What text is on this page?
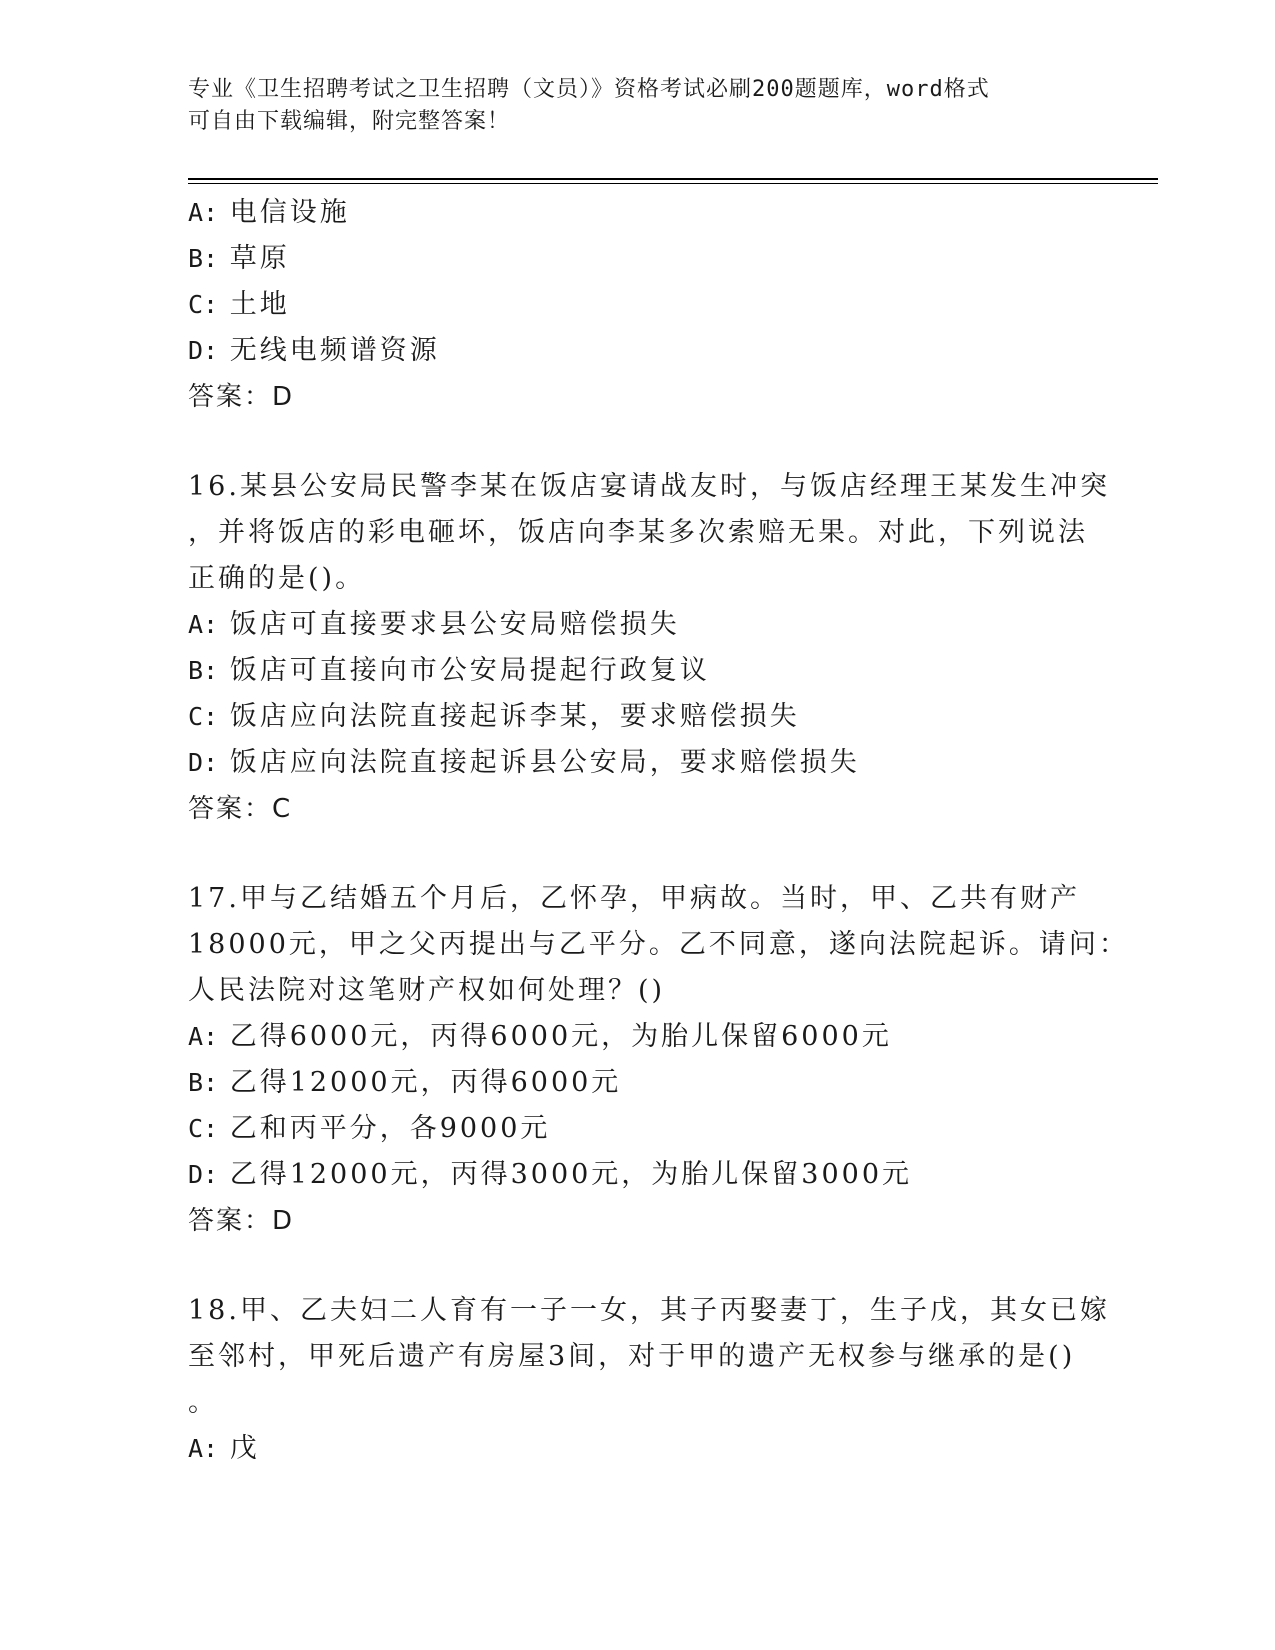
专业《卫生招聘考试之卫生招聘（文员）》资格考试必刷200题题库，word格式
可自由下载编辑，附完整答案！
A: 电信设施
B: 草原
C: 土地
D: 无线电频谱资源
答案：D
16.某县公安局民警李某在饭店宴请战友时，与饭店经理王某发生冲突
，并将饭店的彩电砸坏，饭店向李某多次索赔无果。对此，下列说法
正确的是()。
A: 饭店可直接要求县公安局赔偿损失
B: 饭店可直接向市公安局提起行政复议
C: 饭店应向法院直接起诉李某，要求赔偿损失
D: 饭店应向法院直接起诉县公安局，要求赔偿损失
答案：C
17.甲与乙结婚五个月后，乙怀孕，甲病故。当时，甲、乙共有财产
18000元，甲之父丙提出与乙平分。乙不同意，遂向法院起诉。请问：
人民法院对这笔财产权如何处理？()
A: 乙得6000元，丙得6000元，为胎儿保留6000元
B: 乙得12000元，丙得6000元
C: 乙和丙平分，各9000元
D: 乙得12000元，丙得3000元，为胎儿保留3000元
答案：D
18.甲、乙夫妇二人育有一子一女，其子丙娶妻丁，生子戊，其女已嫁
至邻村，甲死后遗产有房屋3间，对于甲的遗产无权参与继承的是()
。
A: 戊
